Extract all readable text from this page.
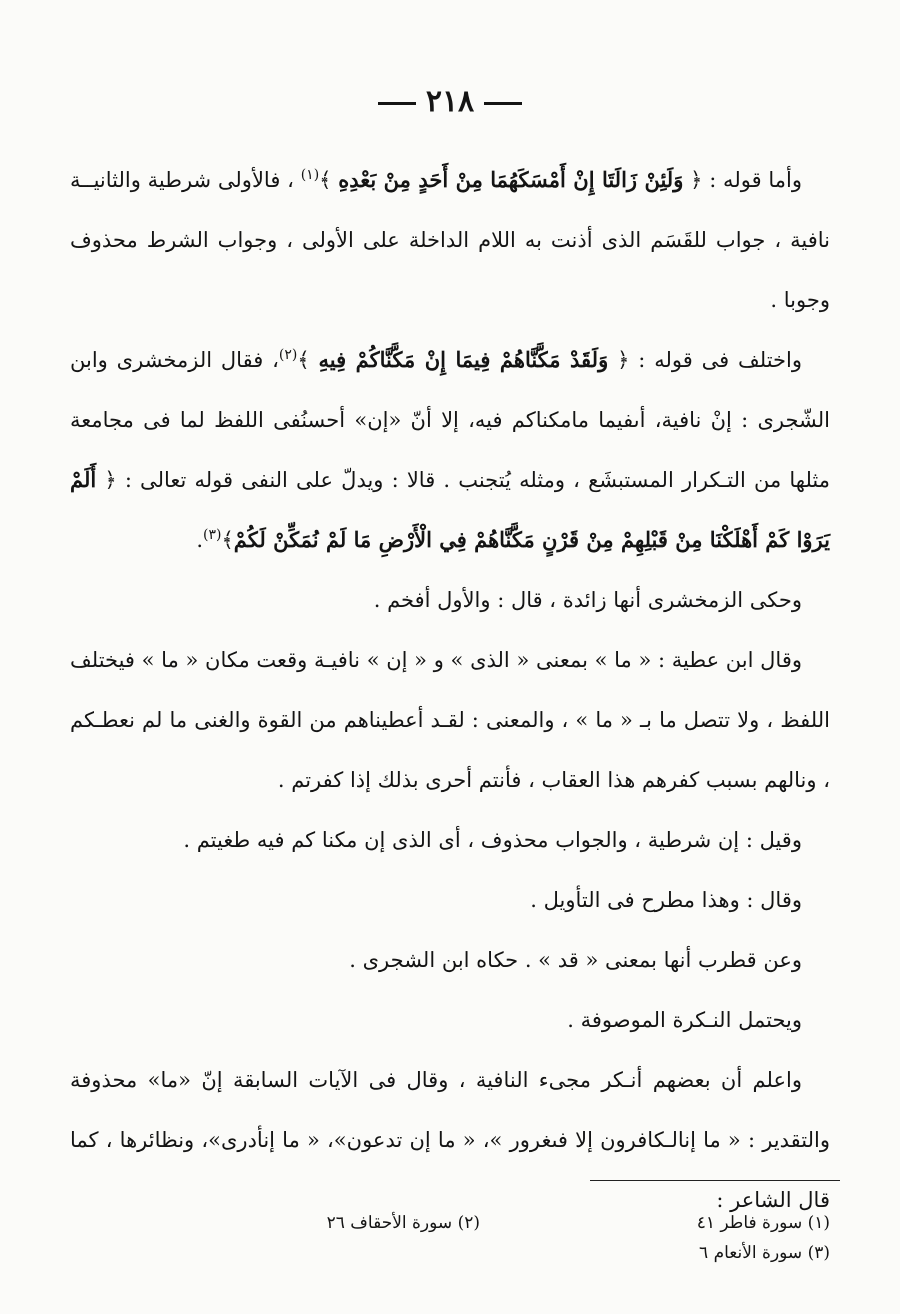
٢١٨

وأما قوله : ﴿ وَلَئِنْ زَالَتَا إِنْ أَمْسَكَهُمَا مِنْ أَحَدٍ مِنْ بَعْدِهِ ﴾$^{(١)}$ ، فالأولى شرطية والثانيــة نافية ، جواب للقَسَم الذى أذنت به اللام الداخلة على الأولى ، وجواب الشرط محذوف وجوبا .

واختلف فى قوله : ﴿ وَلَقَدْ مَكَّنَّاهُمْ فِيمَا إِنْ مَكَّنَّاكُمْ فِيهِ ﴾$^{(٢)}$، فقال الزمخشرى وابن الشّجرى : إنْ نافية، أىفيما مامكناكم فيه، إلا أنّ «إن» أحسنُفى اللفظ لما فى مجامعة مثلها من التـكرار المستبشَع ، ومثله يُتجنب . قالا : ويدلّ على النفى قوله تعالى : ﴿ أَلَمْ يَرَوْا كَمْ أَهْلَكْنَا مِنْ قَبْلِهِمْ مِنْ قَرْنٍ مَكَّنَّاهُمْ فِي الْأَرْضِ مَا لَمْ نُمَكِّنْ لَكُمْ﴾$^{(٣)}$.

وحكى الزمخشرى أنها زائدة ، قال : والأول أفخم .

وقال ابن عطية : « ما » بمعنى « الذى » و « إن » نافيـة وقعت مكان « ما » فيختلف اللفظ ، ولا تتصل ما بـ « ما » ، والمعنى : لقـد أعطيناهم من القوة والغنى ما لم نعطـكم ، ونالهم بسبب كفرهم هذا العقاب ، فأنتم أحرى بذلك إذا كفرتم .

وقيل : إن شرطية ، والجواب محذوف ، أى الذى إن مكنا كم فيه طغيتم .

وقال : وهذا مطرح فى التأويل .

وعن قطرب أنها بمعنى « قد » . حكاه ابن الشجرى .

ويحتمل النـكرة الموصوفة .

واعلم أن بعضهم أنـكر مجىء النافية ، وقال فى الآيات السابقة إنّ «ما» محذوفة والتقدير : « ما إنالـكافرون إلا فىغرور »، « ما إن تدعون»، « ما إنأدرى»، ونظائرها ، كما قال الشاعر :

(١) سورة فاطر ٤١
(٢) سورة الأحقاف ٢٦
(٣) سورة الأنعام ٦
